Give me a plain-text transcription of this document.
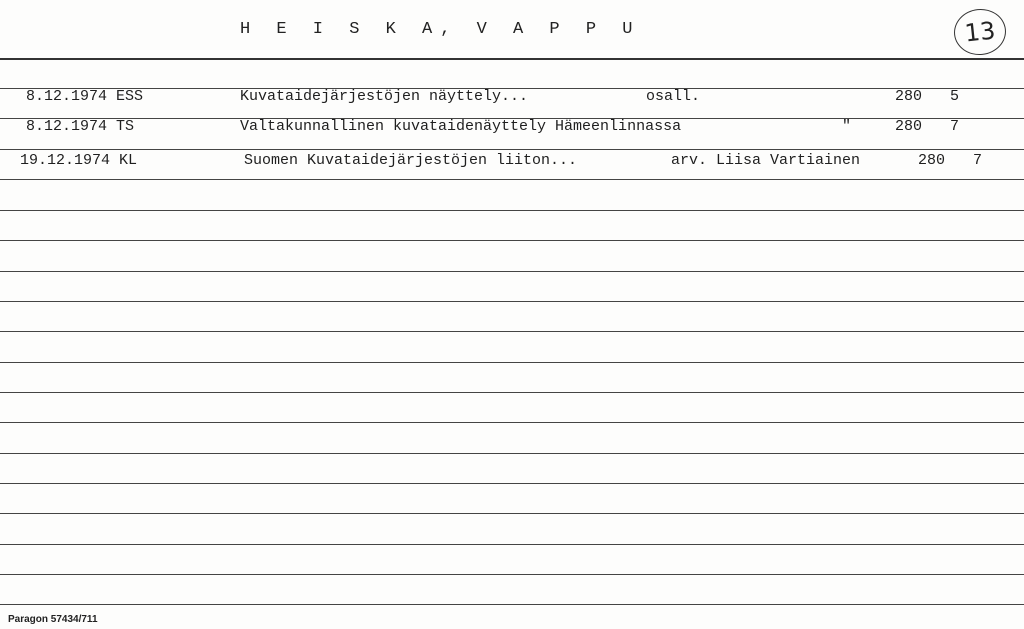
H E I S K A, V A P P U	13
8.12.1974 ESS	Kuvataidejärjestöjen näyttely...	osall.	280 5
8.12.1974 TS	Valtakunnallinen kuvataidenäyttely Hämeenlinnassa	"	280 7
19.12.1974 KL	Suomen Kuvataidejärjestöjen liiton...	arv. Liisa Vartiainen	280 7
Paragon 57434/711
